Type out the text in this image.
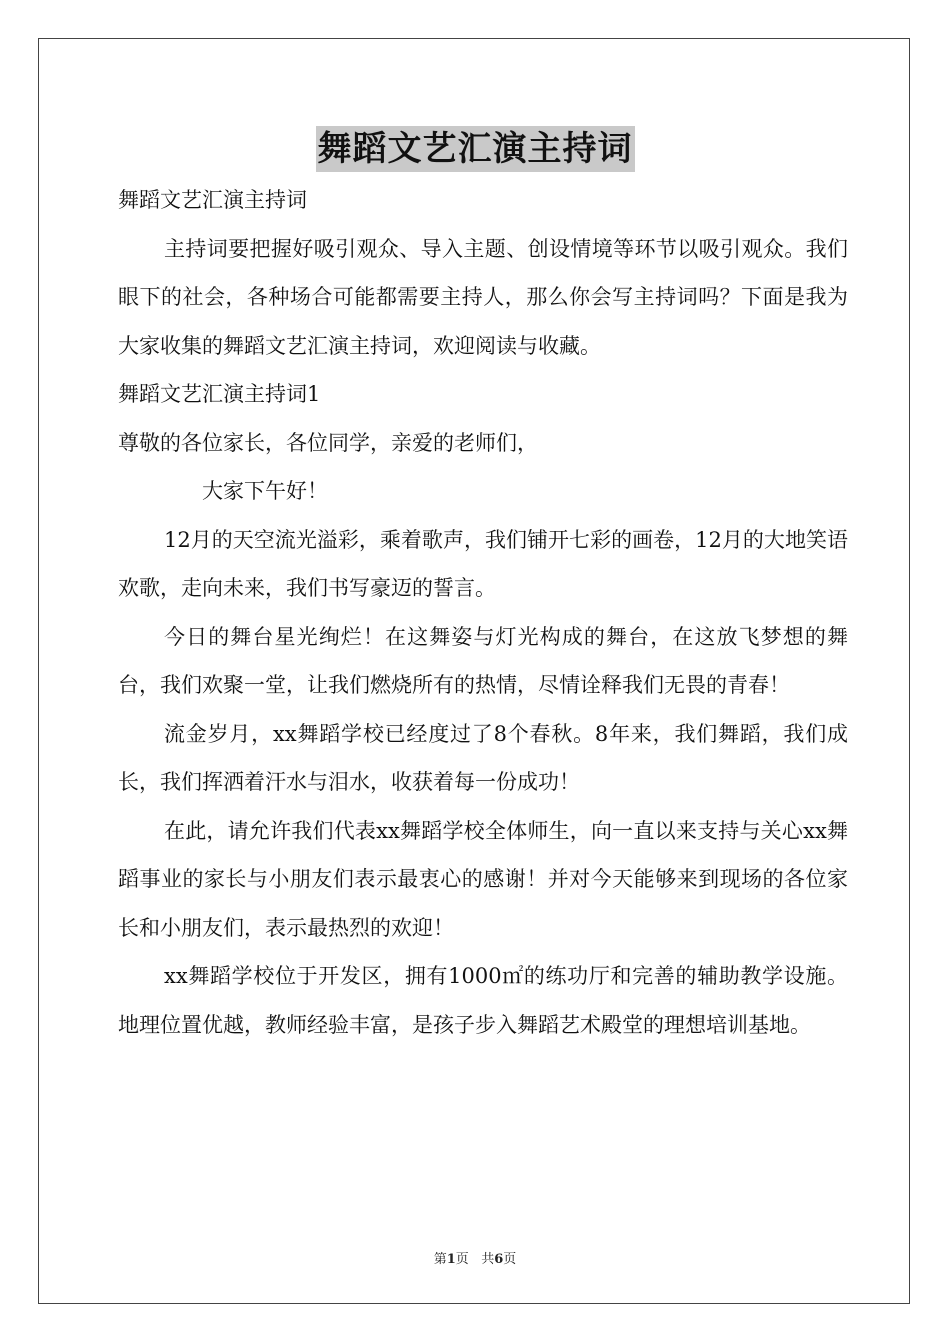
舞蹈文艺汇演主持词

舞蹈文艺汇演主持词

主持词要把握好吸引观众、导入主题、创设情境等环节以吸引观众。我们眼下的社会，各种场合可能都需要主持人，那么你会写主持词吗？下面是我为大家收集的舞蹈文艺汇演主持词，欢迎阅读与收藏。

舞蹈文艺汇演主持词1

尊敬的各位家长，各位同学，亲爱的老师们，

大家下午好！

12月的天空流光溢彩，乘着歌声，我们铺开七彩的画卷，12月的大地笑语欢歌，走向未来，我们书写豪迈的誓言。

今日的舞台星光绚烂！在这舞姿与灯光构成的舞台，在这放飞梦想的舞台，我们欢聚一堂，让我们燃烧所有的热情，尽情诠释我们无畏的青春！

流金岁月，xx舞蹈学校已经度过了8个春秋。8年来，我们舞蹈，我们成长，我们挥洒着汗水与泪水，收获着每一份成功！

在此，请允许我们代表xx舞蹈学校全体师生，向一直以来支持与关心xx舞蹈事业的家长与小朋友们表示最衷心的感谢！并对今天能够来到现场的各位家长和小朋友们，表示最热烈的欢迎！

xx舞蹈学校位于开发区，拥有1000㎡的练功厅和完善的辅助教学设施。地理位置优越，教师经验丰富，是孩子步入舞蹈艺术殿堂的理想培训基地。

第1页 共6页
